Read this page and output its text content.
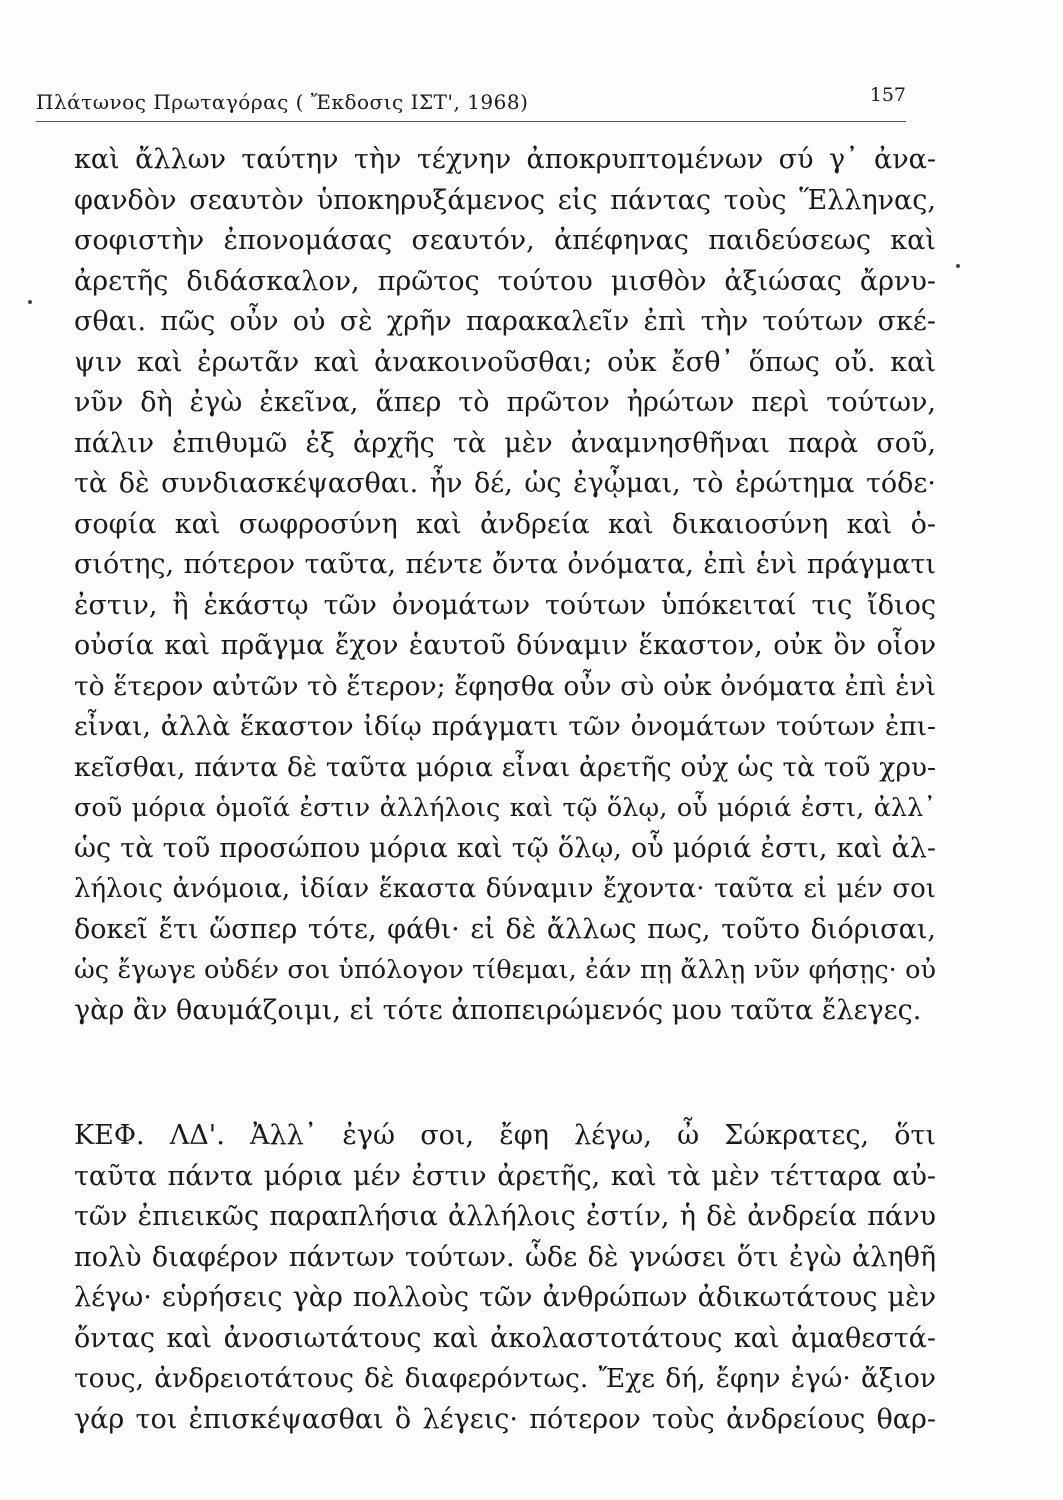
Πλάτωνος Πρωταγόρας ( Ἔκδοσις ΙΣΤ', 1968)	157
καὶ ἄλλων ταύτην τὴν τέχνην ἀποκρυπτομένων σύ γ᾽ ἀνα-
φανδὸν σεαυτὸν ὑποκηρυξάμενος εἰς πάντας τοὺς Ἕλληνας,
σοφιστὴν ἐπονομάσας σεαυτόν, ἀπέφηνας παιδεύσεως καὶ
ἀρετῆς διδάσκαλον, πρῶτος τούτου μισθὸν ἀξιώσας ἄρνυ-
σθαι. πῶς οὖν οὐ σὲ χρῆν παρακαλεῖν ἐπὶ τὴν τούτων σκέ-
ψιν καὶ ἐρωτᾶν καὶ ἀνακοινοῦσθαι; οὐκ ἔσθ᾽ ὅπως οὔ. καὶ
νῦν δὴ ἐγὼ ἐκεῖνα, ἅπερ τὸ πρῶτον ἠρώτων περὶ τούτων,
πάλιν ἐπιθυμῶ ἐξ ἀρχῆς τὰ μὲν ἀναμνησθῆναι παρὰ σοῦ,
τὰ δὲ συνδιασκέψασθαι. ἦν δέ, ὡς ἐγᾦμαι, τὸ ἐρώτημα τόδε·
σοφία καὶ σωφροσύνη καὶ ἀνδρεία καὶ δικαιοσύνη καὶ ὁ-
σιότης, πότερον ταῦτα, πέντε ὄντα ὀνόματα, ἐπὶ ἑνὶ πράγματι
ἐστιν, ἢ ἑκάστῳ τῶν ὀνομάτων τούτων ὑπόκειταί τις ἴδιος
οὐσία καὶ πρᾶγμα ἔχον ἑαυτοῦ δύναμιν ἕκαστον, οὐκ ὂν οἷον
τὸ ἕτερον αὐτῶν τὸ ἕτερον; ἔφησθα οὖν σὺ οὐκ ὀνόματα ἐπὶ ἑνὶ
εἶναι, ἀλλὰ ἕκαστον ἰδίῳ πράγματι τῶν ὀνομάτων τούτων ἐπι-
κεῖσθαι, πάντα δὲ ταῦτα μόρια εἶναι ἀρετῆς οὐχ ὡς τὰ τοῦ χρυ-
σοῦ μόρια ὁμοῖά ἐστιν ἀλλήλοις καὶ τῷ ὅλῳ, οὗ μόριά ἐστι, ἀλλ᾽
ὡς τὰ τοῦ προσώπου μόρια καὶ τῷ ὅλῳ, οὗ μόριά ἐστι, καὶ ἀλ-
λήλοις ἀνόμοια, ἰδίαν ἕκαστα δύναμιν ἔχοντα· ταῦτα εἰ μέν σοι
δοκεῖ ἔτι ὥσπερ τότε, φάθι· εἰ δὲ ἄλλως πως, τοῦτο διόρισαι,
ὡς ἔγωγε οὐδέν σοι ὑπόλογον τίθεμαι, ἐάν πῃ ἄλλῃ νῦν φήσῃς· οὐ
γὰρ ἂν θαυμάζοιμι, εἰ τότε ἀποπειρώμενός μου ταῦτα ἔλεγες.
ΚΕΦ. ΛΔ'. Ἀλλ᾽ ἐγώ σοι, ἔφη λέγω, ὦ Σώκρατες, ὅτι
ταῦτα πάντα μόρια μέν ἐστιν ἀρετῆς, καὶ τὰ μὲν τέτταρα αὐ-
τῶν ἐπιεικῶς παραπλήσια ἀλλήλοις ἐστίν, ἡ δὲ ἀνδρεία πάνυ
πολὺ διαφέρον πάντων τούτων. ὧδε δὲ γνώσει ὅτι ἐγὼ ἀληθῆ
λέγω· εὑρήσεις γὰρ πολλοὺς τῶν ἀνθρώπων ἀδικωτάτους μὲν
ὄντας καὶ ἀνοσιωτάτους καὶ ἀκολαστοτάτους καὶ ἀμαθεστά-
τους, ἀνδρειοτάτους δὲ διαφερόντως. Ἔχε δή, ἔφην ἐγώ· ἄξιον
γάρ τοι ἐπισκέψασθαι ὃ λέγεις· πότερον τοὺς ἀνδρείους θαρ-
